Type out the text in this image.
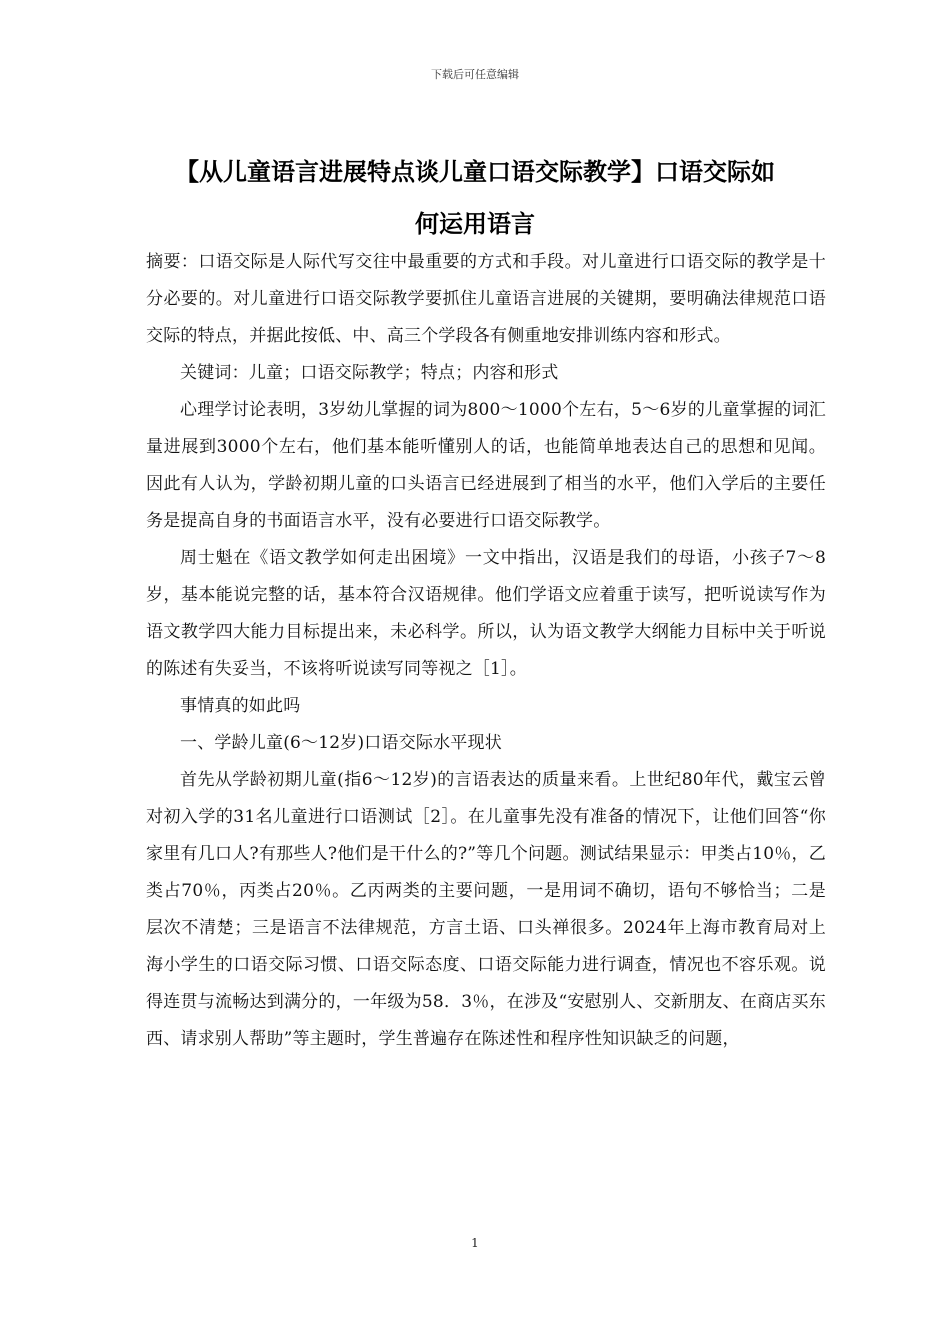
下载后可任意编辑
【从儿童语言进展特点谈儿童口语交际教学】口语交际如
何运用语言

摘要：口语交际是人际代写交往中最重要的方式和手段。对儿童进行口语交际的教学是十分必要的。对儿童进行口语交际教学要抓住儿童语言进展的关键期，要明确法律规范口语交际的特点，并据此按低、中、高三个学段各有侧重地安排训练内容和形式。

关键词：儿童；口语交际教学；特点；内容和形式

心理学讨论表明，3岁幼儿掌握的词为800～1000个左右，5～6岁的儿童掌握的词汇量进展到3000个左右，他们基本能听懂别人的话，也能简单地表达自己的思想和见闻。因此有人认为，学龄初期儿童的口头语言已经进展到了相当的水平，他们入学后的主要任务是提高自身的书面语言水平，没有必要进行口语交际教学。

周士魁在《语文教学如何走出困境》一文中指出，汉语是我们的母语，小孩子7～8岁，基本能说完整的话，基本符合汉语规律。他们学语文应着重于读写，把听说读写作为语文教学四大能力目标提出来，未必科学。所以，认为语文教学大纲能力目标中关于听说的陈述有失妥当，不该将听说读写同等视之［1］。

事情真的如此吗

一、学龄儿童(6～12岁)口语交际水平现状

首先从学龄初期儿童(指6～12岁)的言语表达的质量来看。上世纪80年代，戴宝云曾对初入学的31名儿童进行口语测试［2］。在儿童事先没有准备的情况下，让他们回答“你家里有几口人?有那些人?他们是干什么的?”等几个问题。测试结果显示：甲类占10％，乙类占70％，丙类占20％。乙丙两类的主要问题，一是用词不确切，语句不够恰当；二是层次不清楚；三是语言不法律规范，方言土语、口头禅很多。2024年上海市教育局对上海小学生的口语交际习惯、口语交际态度、口语交际能力进行调查，情况也不容乐观。说得连贯与流畅达到满分的，一年级为58．3％，在涉及“安慰别人、交新朋友、在商店买东西、请求别人帮助”等主题时，学生普遍存在陈述性和程序性知识缺乏的问题，

1
